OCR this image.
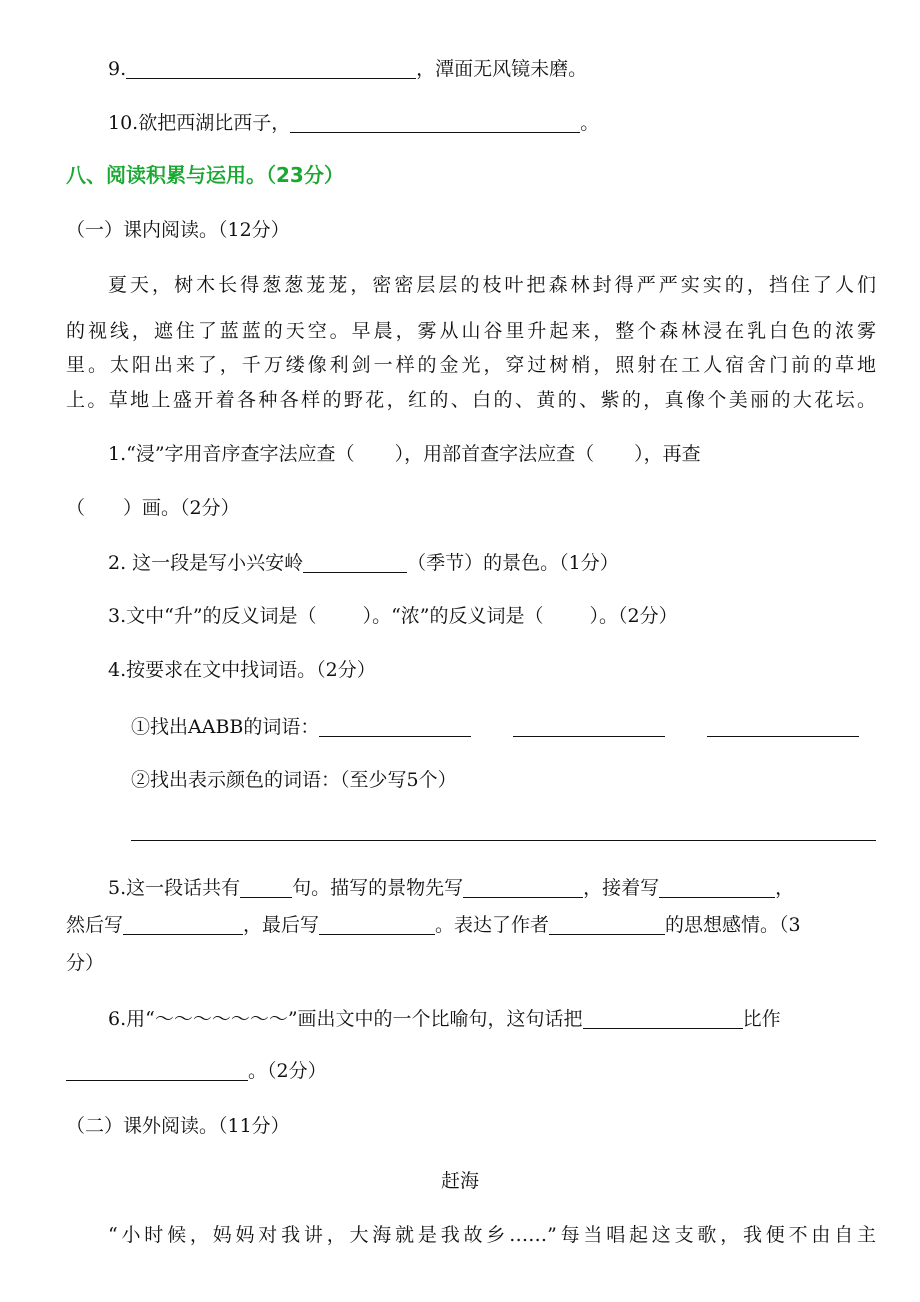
9.	，潭面无风镜未磨。
10.欲把西湖比西子，	。
八、阅读积累与运用。（23分）
（一）课内阅读。（12分）
夏天，树木长得葱葱茏茏，密密层层的枝叶把森林封得严严实实的，挡住了人们
的视线，遮住了蓝蓝的天空。早晨，雾从山谷里升起来，整个森林浸在乳白色的浓雾
里。太阳出来了，千万缕像利剑一样的金光，穿过树梢，照射在工人宿舍门前的草地
上。草地上盛开着各种各样的野花，红的、白的、黄的、紫的，真像个美丽的大花坛。
1.“浸”字用音序查字法应查（ ），用部首查字法应查（ ），再查
（ ）画。（2分）
2. 这一段是写小兴安岭	（季节）的景色。（1分）
3.文中“升”的反义词是（ ）。“浓”的反义词是（ ）。（2分）
4.按要求在文中找词语。（2分）
①找出AABB的词语：
②找出表示颜色的词语：（至少写5个）
5.这一段话共有	句。描写的景物先写	，接着写	，
然后写	，最后写	。表达了作者	的思想感情。（3
分）
6.用“～～～～～～～”画出文中的一个比喻句，这句话把	比作
。（2分）
（二）课外阅读。（11分）
赶海
“小时候，妈妈对我讲，大海就是我故乡……”每当唱起这支歌，我便不由自主
